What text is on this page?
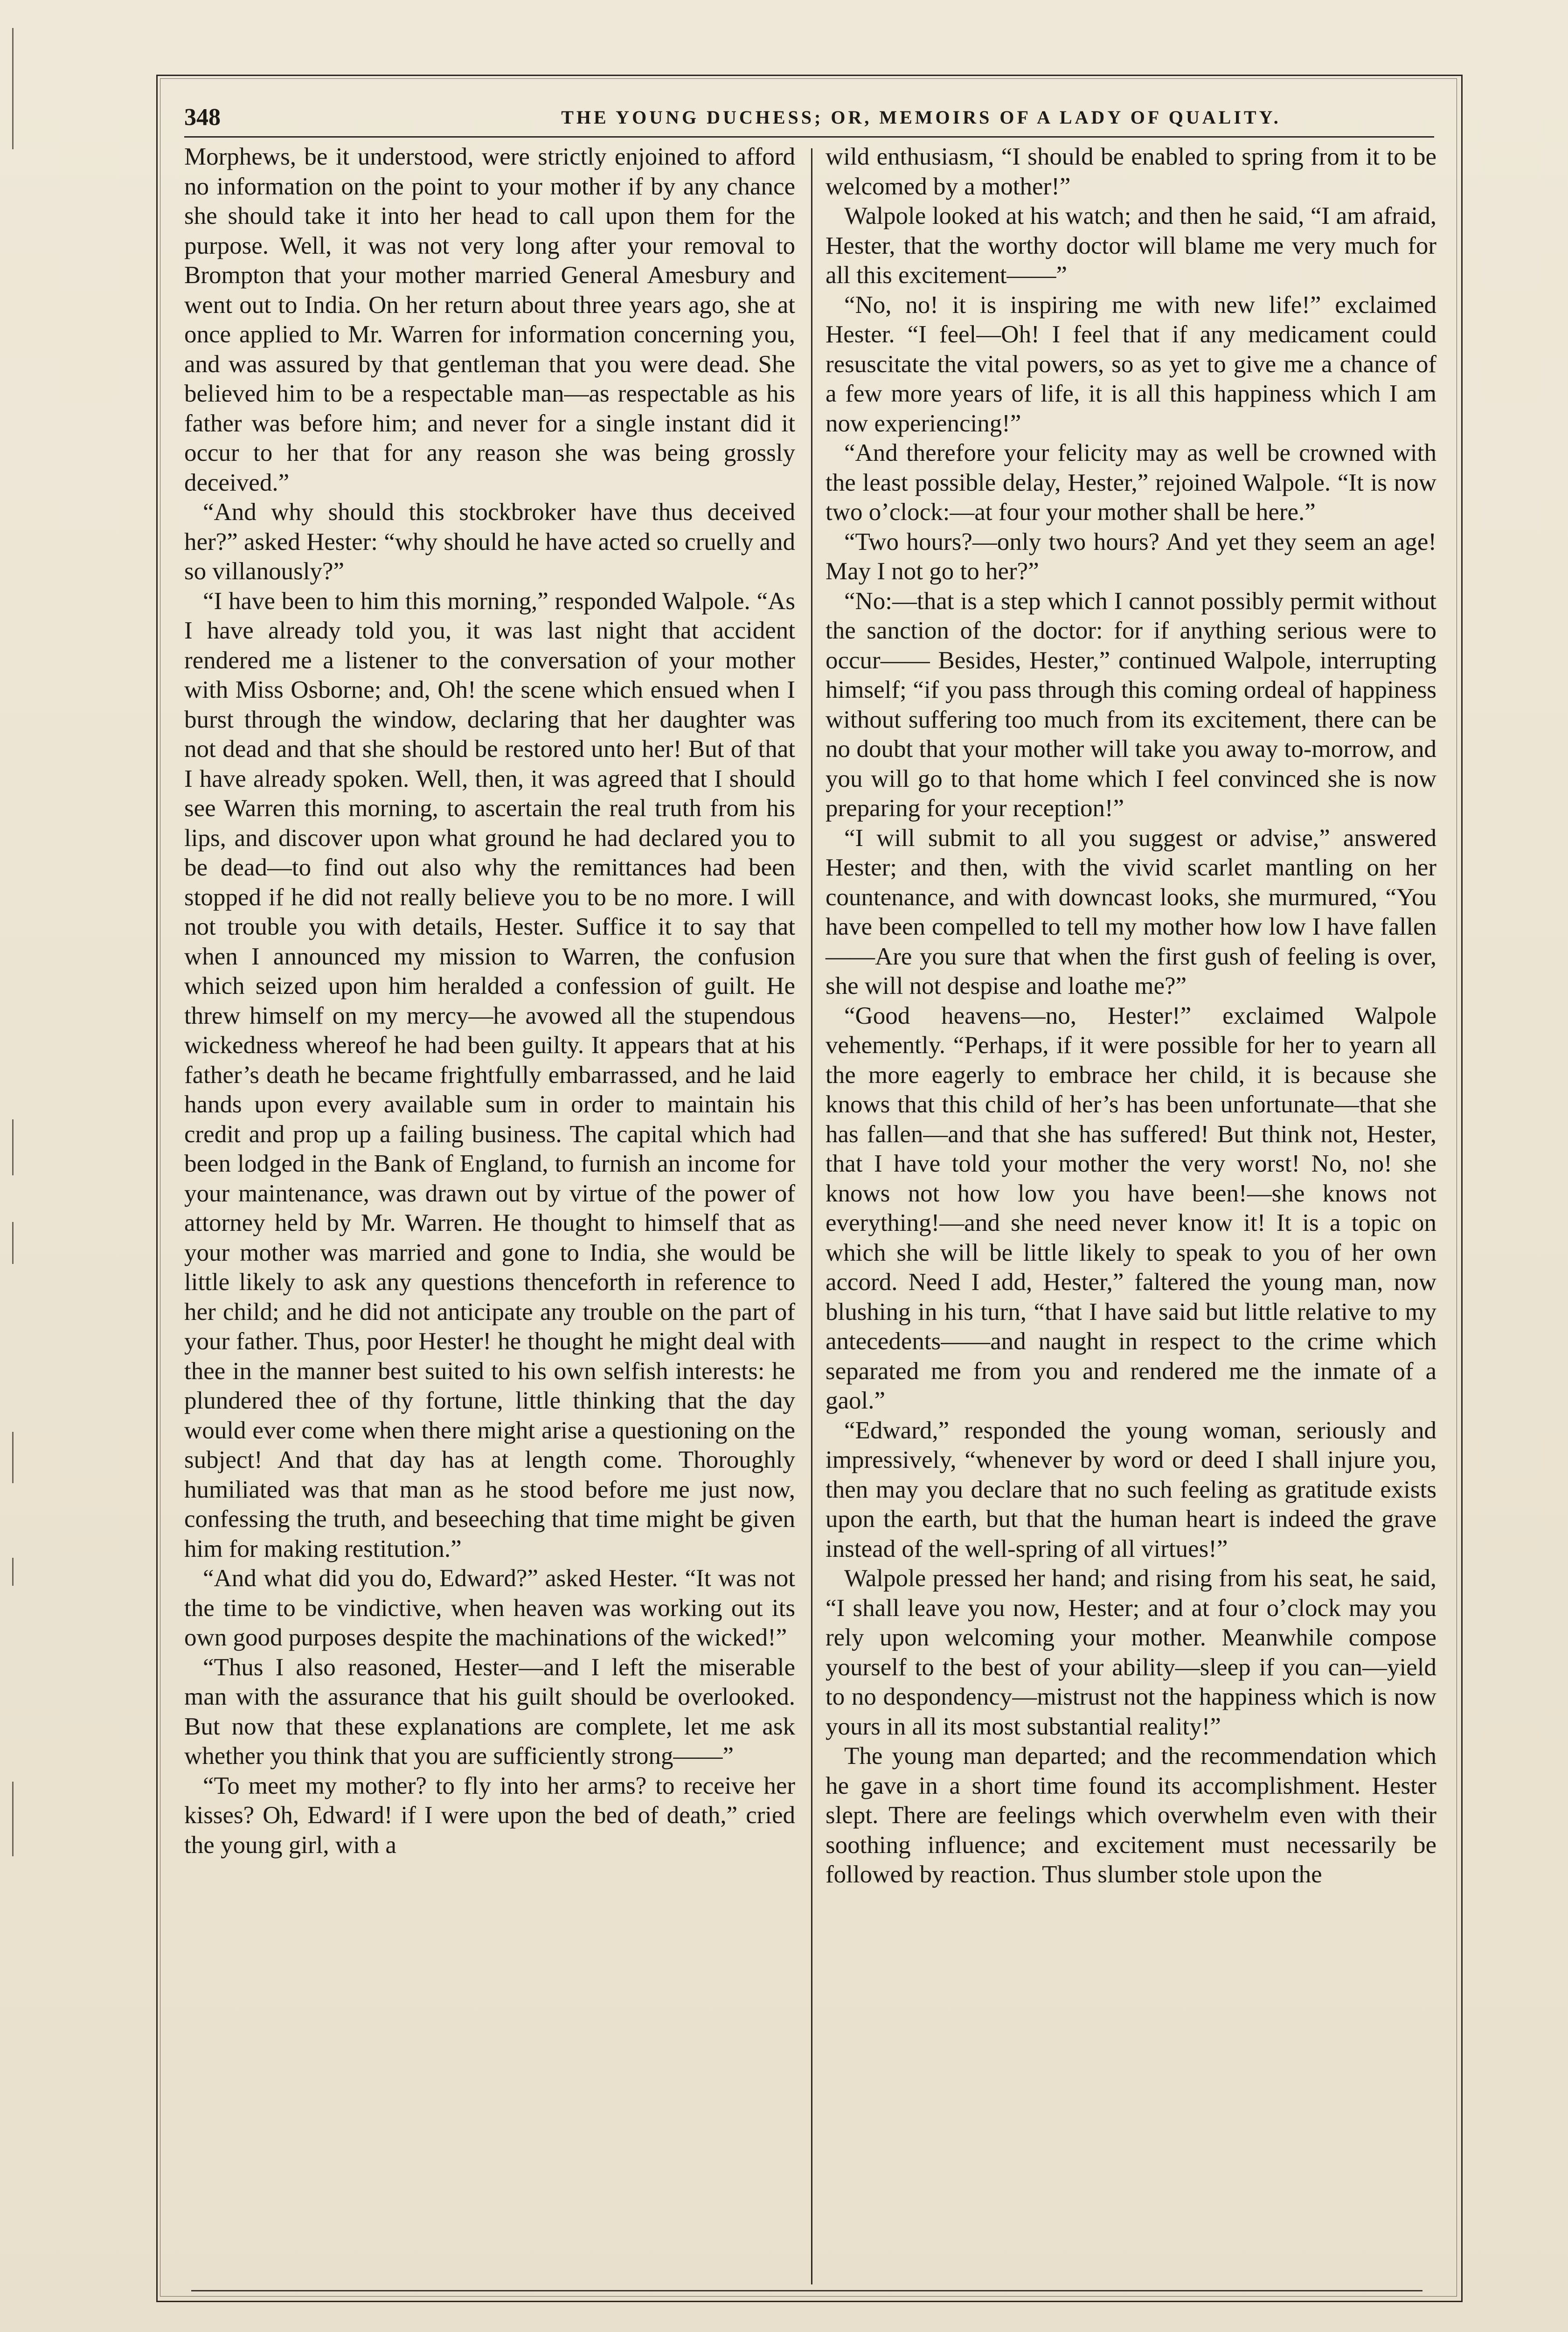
348	THE YOUNG DUCHESS; OR, MEMOIRS OF A LADY OF QUALITY.

Morphews, be it understood, were strictly enjoined to afford no information on the point to your mother if by any chance she should take it into her head to call upon them for the purpose. Well, it was not very long after your removal to Brompton that your mother married General Amesbury and went out to India. On her return about three years ago, she at once applied to Mr. Warren for information concerning you, and was assured by that gentleman that you were dead. She believed him to be a respectable man—as respectable as his father was before him; and never for a single instant did it occur to her that for any reason she was being grossly deceived.”

“And why should this stockbroker have thus deceived her?” asked Hester: “why should he have acted so cruelly and so villanously?”

“I have been to him this morning,” responded Walpole. “As I have already told you, it was last night that accident rendered me a listener to the conversation of your mother with Miss Osborne; and, Oh! the scene which ensued when I burst through the window, declaring that her daughter was not dead and that she should be restored unto her! But of that I have already spoken. Well, then, it was agreed that I should see Warren this morning, to ascertain the real truth from his lips, and discover upon what ground he had declared you to be dead—to find out also why the remittances had been stopped if he did not really believe you to be no more. I will not trouble you with details, Hester. Suffice it to say that when I announced my mission to Warren, the confusion which seized upon him heralded a confession of guilt. He threw himself on my mercy—he avowed all the stupendous wickedness whereof he had been guilty. It appears that at his father’s death he became frightfully embarrassed, and he laid hands upon every available sum in order to maintain his credit and prop up a failing business. The capital which had been lodged in the Bank of England, to furnish an income for your maintenance, was drawn out by virtue of the power of attorney held by Mr. Warren. He thought to himself that as your mother was married and gone to India, she would be little likely to ask any questions thenceforth in reference to her child; and he did not anticipate any trouble on the part of your father. Thus, poor Hester! he thought he might deal with thee in the manner best suited to his own selfish interests: he plundered thee of thy fortune, little thinking that the day would ever come when there might arise a questioning on the subject! And that day has at length come. Thoroughly humiliated was that man as he stood before me just now, confessing the truth, and beseeching that time might be given him for making restitution.”

“And what did you do, Edward?” asked Hester. “It was not the time to be vindictive, when heaven was working out its own good purposes despite the machinations of the wicked!”

“Thus I also reasoned, Hester—and I left the miserable man with the assurance that his guilt should be overlooked. But now that these explanations are complete, let me ask whether you think that you are sufficiently strong——”

“To meet my mother? to fly into her arms? to receive her kisses? Oh, Edward! if I were upon the bed of death,” cried the young girl, with a

wild enthusiasm, “I should be enabled to spring from it to be welcomed by a mother!”

Walpole looked at his watch; and then he said, “I am afraid, Hester, that the worthy doctor will blame me very much for all this excitement——”

“No, no! it is inspiring me with new life!” exclaimed Hester. “I feel—Oh! I feel that if any medicament could resuscitate the vital powers, so as yet to give me a chance of a few more years of life, it is all this happiness which I am now experiencing!”

“And therefore your felicity may as well be crowned with the least possible delay, Hester,” rejoined Walpole. “It is now two o’clock:—at four your mother shall be here.”

“Two hours?—only two hours? And yet they seem an age! May I not go to her?”

“No:—that is a step which I cannot possibly permit without the sanction of the doctor: for if anything serious were to occur—— Besides, Hester,” continued Walpole, interrupting himself; “if you pass through this coming ordeal of happiness without suffering too much from its excitement, there can be no doubt that your mother will take you away to-morrow, and you will go to that home which I feel convinced she is now preparing for your reception!”

“I will submit to all you suggest or advise,” answered Hester; and then, with the vivid scarlet mantling on her countenance, and with downcast looks, she murmured, “You have been compelled to tell my mother how low I have fallen——Are you sure that when the first gush of feeling is over, she will not despise and loathe me?”

“Good heavens—no, Hester!” exclaimed Walpole vehemently. “Perhaps, if it were possible for her to yearn all the more eagerly to embrace her child, it is because she knows that this child of her’s has been unfortunate—that she has fallen—and that she has suffered! But think not, Hester, that I have told your mother the very worst! No, no! she knows not how low you have been!—she knows not everything!—and she need never know it! It is a topic on which she will be little likely to speak to you of her own accord. Need I add, Hester,” faltered the young man, now blushing in his turn, “that I have said but little relative to my antecedents——and naught in respect to the crime which separated me from you and rendered me the inmate of a gaol.”

“Edward,” responded the young woman, seriously and impressively, “whenever by word or deed I shall injure you, then may you declare that no such feeling as gratitude exists upon the earth, but that the human heart is indeed the grave instead of the well-spring of all virtues!”

Walpole pressed her hand; and rising from his seat, he said, “I shall leave you now, Hester; and at four o’clock may you rely upon welcoming your mother. Meanwhile compose yourself to the best of your ability—sleep if you can—yield to no despondency—mistrust not the happiness which is now yours in all its most substantial reality!”

The young man departed; and the recommendation which he gave in a short time found its accomplishment. Hester slept. There are feelings which overwhelm even with their soothing influence; and excitement must necessarily be followed by reaction. Thus slumber stole upon the
